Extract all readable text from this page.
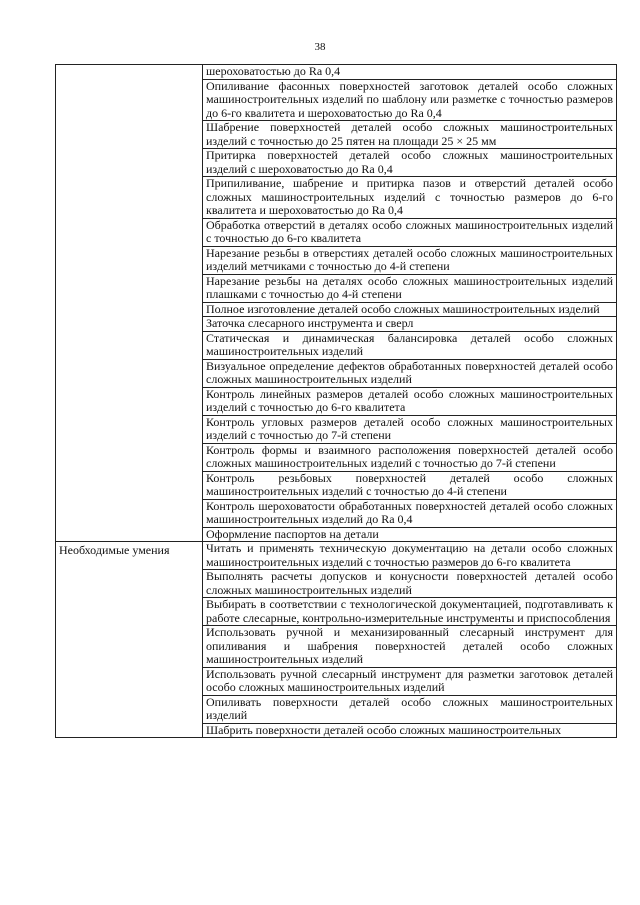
38
	шероховатостью до Ra 0,4
	Опиливание фасонных поверхностей заготовок деталей особо сложных машиностроительных изделий по шаблону или разметке с точностью размеров до 6-го квалитета и шероховатостью до Ra 0,4
	Шабрение поверхностей деталей особо сложных машиностроительных изделий с точностью до 25 пятен на площади 25 × 25 мм
	Притирка поверхностей деталей особо сложных машиностроительных изделий с шероховатостью до Ra 0,4
	Припиливание, шабрение и притирка пазов и отверстий деталей особо сложных машиностроительных изделий с точностью размеров до 6-го квалитета и шероховатостью до Ra 0,4
	Обработка отверстий в деталях особо сложных машиностроительных изделий с точностью до 6-го квалитета
	Нарезание резьбы в отверстиях деталей особо сложных машиностроительных изделий метчиками с точностью до 4-й степени
	Нарезание резьбы на деталях особо сложных машиностроительных изделий плашками с точностью до 4-й степени
	Полное изготовление деталей особо сложных машиностроительных изделий
	Заточка слесарного инструмента и сверл
	Статическая и динамическая балансировка деталей особо сложных машиностроительных изделий
	Визуальное определение дефектов обработанных поверхностей деталей особо сложных машиностроительных изделий
	Контроль линейных размеров деталей особо сложных машиностроительных изделий с точностью до 6-го квалитета
	Контроль угловых размеров деталей особо сложных машиностроительных изделий с точностью до 7-й степени
	Контроль формы и взаимного расположения поверхностей деталей особо сложных машиностроительных изделий с точностью до 7-й степени
	Контроль резьбовых поверхностей деталей особо сложных машиностроительных изделий с точностью до 4-й степени
	Контроль шероховатости обработанных поверхностей деталей особо сложных машиностроительных изделий до Ra 0,4
	Оформление паспортов на детали

Необходимые умения	Читать и применять техническую документацию на детали особо сложных машиностроительных изделий с точностью размеров до 6-го квалитета
	Выполнять расчеты допусков и конусности поверхностей деталей особо сложных машиностроительных изделий
	Выбирать в соответствии с технологической документацией, подготавливать к работе слесарные, контрольно-измерительные инструменты и приспособления
	Использовать ручной и механизированный слесарный инструмент для опиливания и шабрения поверхностей деталей особо сложных машиностроительных изделий
	Использовать ручной слесарный инструмент для разметки заготовок деталей особо сложных машиностроительных изделий
	Опиливать поверхности деталей особо сложных машиностроительных изделий
	Шабрить поверхности деталей особо сложных машиностроительных
